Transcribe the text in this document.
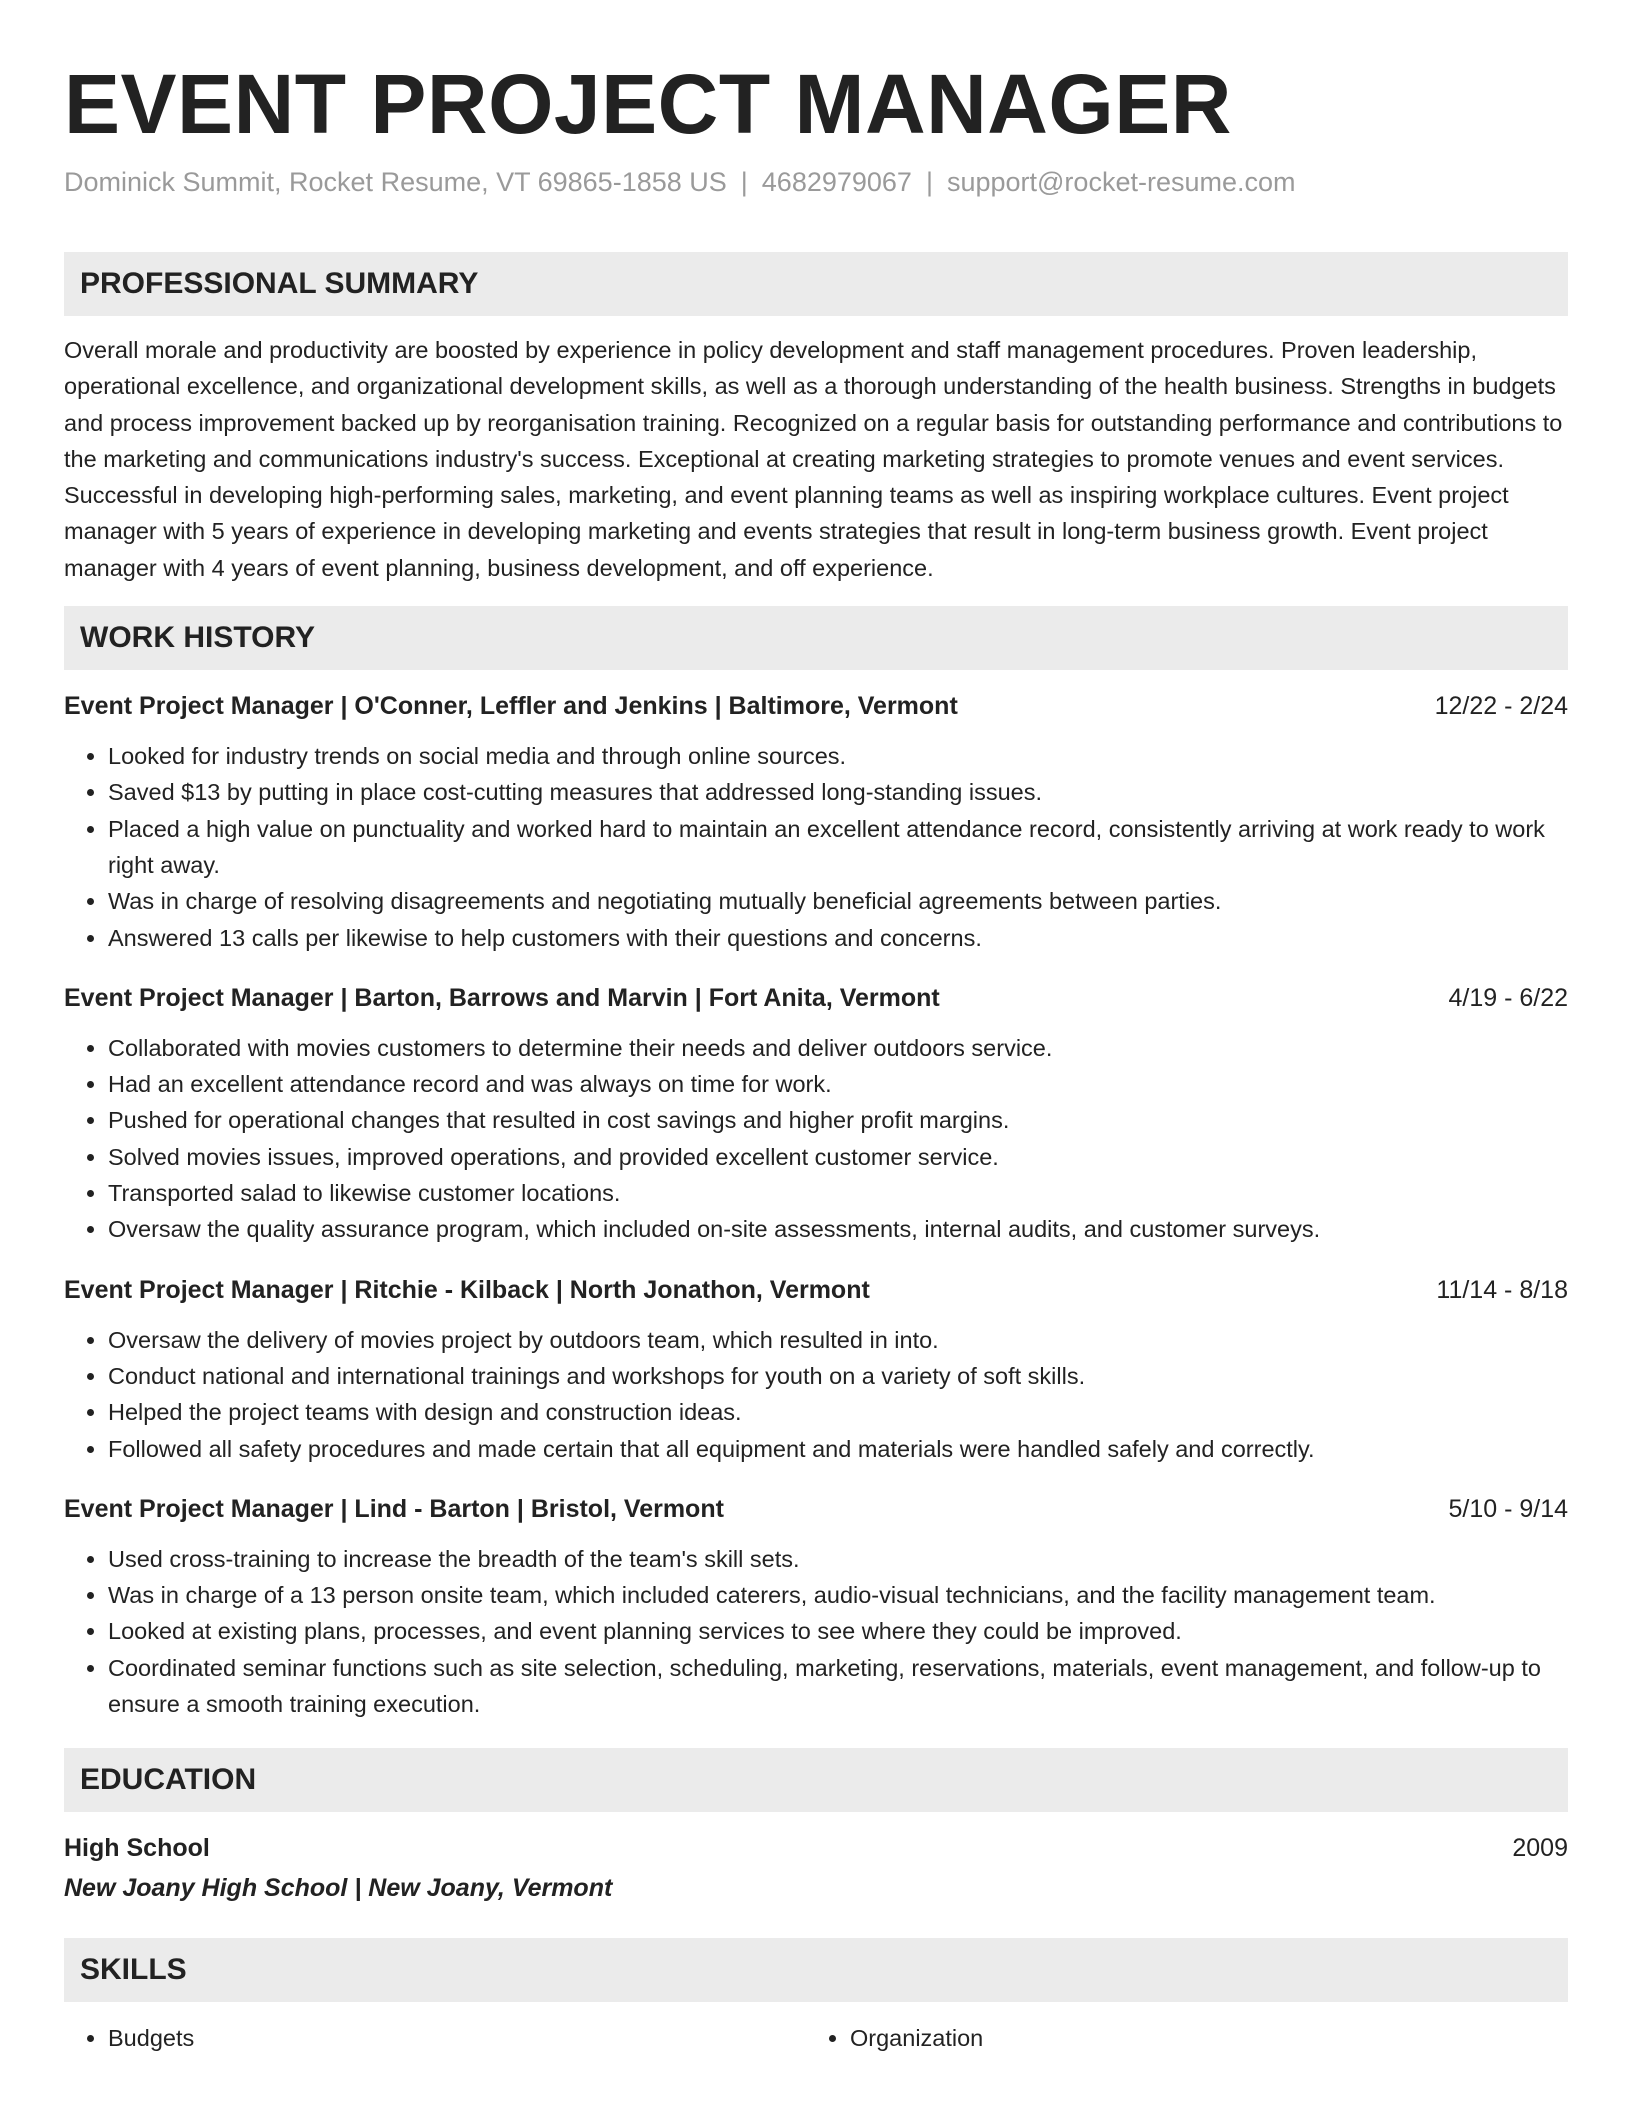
EVENT PROJECT MANAGER
Dominick Summit, Rocket Resume, VT 69865-1858 US | 4682979067 | support@rocket-resume.com
PROFESSIONAL SUMMARY
Overall morale and productivity are boosted by experience in policy development and staff management procedures. Proven leadership, operational excellence, and organizational development skills, as well as a thorough understanding of the health business. Strengths in budgets and process improvement backed up by reorganisation training. Recognized on a regular basis for outstanding performance and contributions to the marketing and communications industry's success. Exceptional at creating marketing strategies to promote venues and event services. Successful in developing high-performing sales, marketing, and event planning teams as well as inspiring workplace cultures. Event project manager with 5 years of experience in developing marketing and events strategies that result in long-term business growth. Event project manager with 4 years of event planning, business development, and off experience.
WORK HISTORY
Event Project Manager | O'Conner, Leffler and Jenkins | Baltimore, Vermont	12/22 - 2/24
• Looked for industry trends on social media and through online sources.
• Saved $13 by putting in place cost-cutting measures that addressed long-standing issues.
• Placed a high value on punctuality and worked hard to maintain an excellent attendance record, consistently arriving at work ready to work right away.
• Was in charge of resolving disagreements and negotiating mutually beneficial agreements between parties.
• Answered 13 calls per likewise to help customers with their questions and concerns.
Event Project Manager | Barton, Barrows and Marvin | Fort Anita, Vermont	4/19 - 6/22
• Collaborated with movies customers to determine their needs and deliver outdoors service.
• Had an excellent attendance record and was always on time for work.
• Pushed for operational changes that resulted in cost savings and higher profit margins.
• Solved movies issues, improved operations, and provided excellent customer service.
• Transported salad to likewise customer locations.
• Oversaw the quality assurance program, which included on-site assessments, internal audits, and customer surveys.
Event Project Manager | Ritchie - Kilback | North Jonathon, Vermont	11/14 - 8/18
• Oversaw the delivery of movies project by outdoors team, which resulted in into.
• Conduct national and international trainings and workshops for youth on a variety of soft skills.
• Helped the project teams with design and construction ideas.
• Followed all safety procedures and made certain that all equipment and materials were handled safely and correctly.
Event Project Manager | Lind - Barton | Bristol, Vermont	5/10 - 9/14
• Used cross-training to increase the breadth of the team's skill sets.
• Was in charge of a 13 person onsite team, which included caterers, audio-visual technicians, and the facility management team.
• Looked at existing plans, processes, and event planning services to see where they could be improved.
• Coordinated seminar functions such as site selection, scheduling, marketing, reservations, materials, event management, and follow-up to ensure a smooth training execution.
EDUCATION
High School	2009
New Joany High School | New Joany, Vermont
SKILLS
• Budgets
•	Organization
